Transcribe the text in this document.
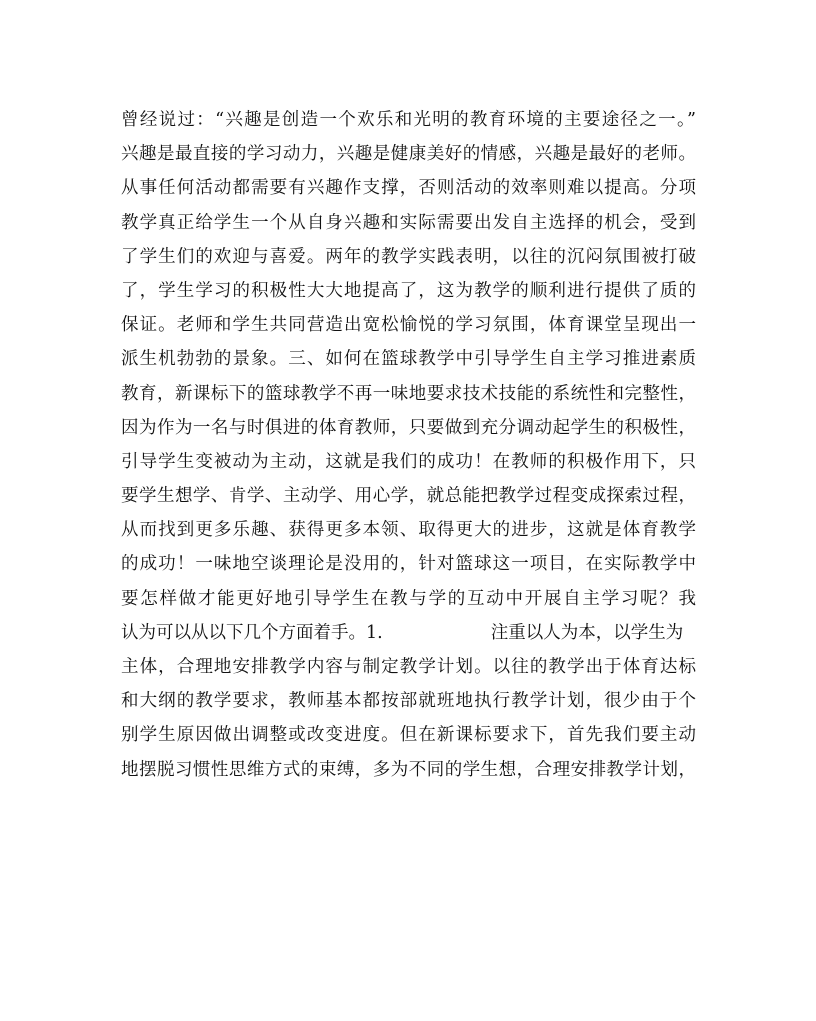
曾经说过：“兴趣是创造一个欢乐和光明的教育环境的主要途径之一。”
兴趣是最直接的学习动力，兴趣是健康美好的情感，兴趣是最好的老师。
从事任何活动都需要有兴趣作支撑，否则活动的效率则难以提高。分项
教学真正给学生一个从自身兴趣和实际需要出发自主选择的机会，受到
了学生们的欢迎与喜爱。两年的教学实践表明，以往的沉闷氛围被打破
了，学生学习的积极性大大地提高了，这为教学的顺利进行提供了质的
保证。老师和学生共同营造出宽松愉悦的学习氛围，体育课堂呈现出一
派生机勃勃的景象。三、如何在篮球教学中引导学生自主学习推进素质
教育，新课标下的篮球教学不再一味地要求技术技能的系统性和完整性，
因为作为一名与时俱进的体育教师，只要做到充分调动起学生的积极性，
引导学生变被动为主动，这就是我们的成功！在教师的积极作用下，只
要学生想学、肯学、主动学、用心学，就总能把教学过程变成探索过程，
从而找到更多乐趣、获得更多本领、取得更大的进步，这就是体育教学
的成功！一味地空谈理论是没用的，针对篮球这一项目，在实际教学中
要怎样做才能更好地引导学生在教与学的互动中开展自主学习呢？我
认为可以从以下几个方面着手。1.	注重以人为本，以学生为
主体，合理地安排教学内容与制定教学计划。以往的教学出于体育达标
和大纲的教学要求，教师基本都按部就班地执行教学计划，很少由于个
别学生原因做出调整或改变进度。但在新课标要求下，首先我们要主动
地摆脱习惯性思维方式的束缚，多为不同的学生想，合理安排教学计划，
